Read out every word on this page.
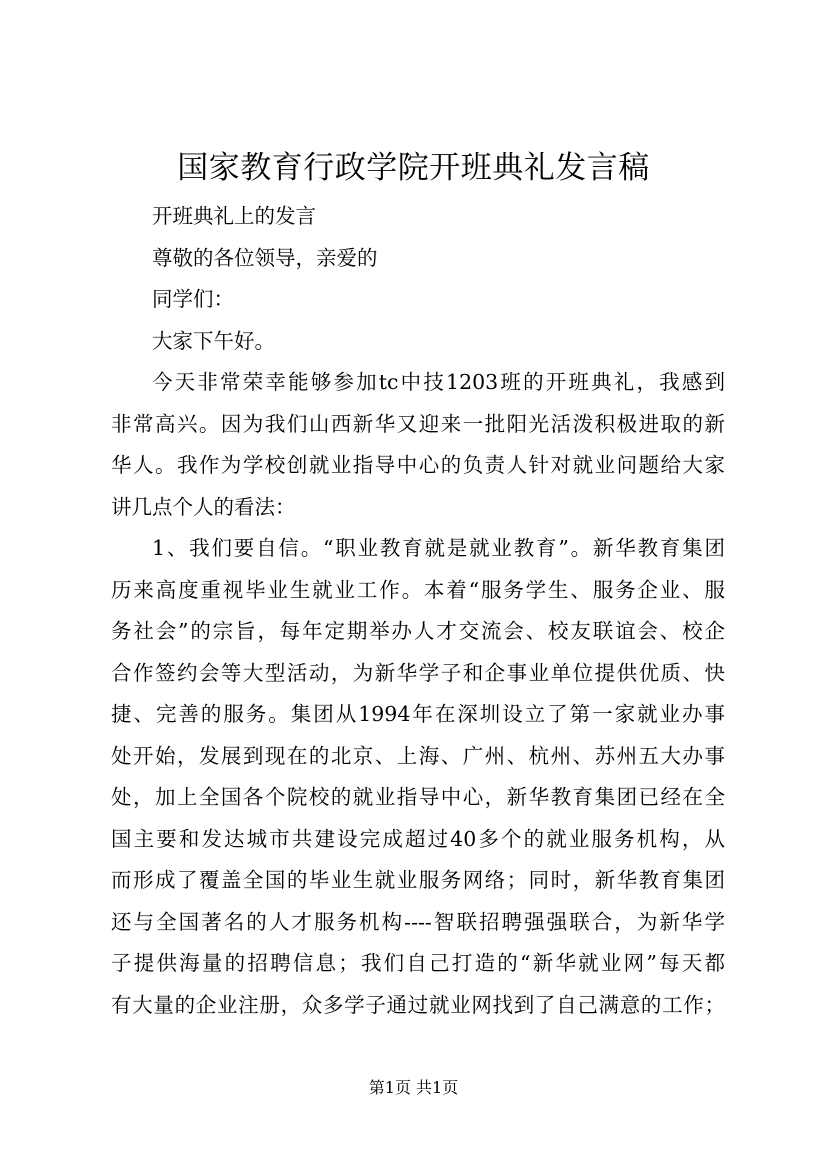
国家教育行政学院开班典礼发言稿
开班典礼上的发言
尊敬的各位领导，亲爱的
同学们：
大家下午好。
今天非常荣幸能够参加tc中技1203班的开班典礼，我感到
非常高兴。因为我们山西新华又迎来一批阳光活泼积极进取的新
华人。我作为学校创就业指导中心的负责人针对就业问题给大家
讲几点个人的看法：
1、我们要自信。“职业教育就是就业教育”。新华教育集团
历来高度重视毕业生就业工作。本着“服务学生、服务企业、服
务社会”的宗旨，每年定期举办人才交流会、校友联谊会、校企
合作签约会等大型活动，为新华学子和企事业单位提供优质、快
捷、完善的服务。集团从1994年在深圳设立了第一家就业办事
处开始，发展到现在的北京、上海、广州、杭州、苏州五大办事
处，加上全国各个院校的就业指导中心，新华教育集团已经在全
国主要和发达城市共建设完成超过40多个的就业服务机构，从
而形成了覆盖全国的毕业生就业服务网络；同时，新华教育集团
还与全国著名的人才服务机构----智联招聘强强联合，为新华学
子提供海量的招聘信息；我们自己打造的“新华就业网”每天都
有大量的企业注册，众多学子通过就业网找到了自己满意的工作；
第1页 共1页
